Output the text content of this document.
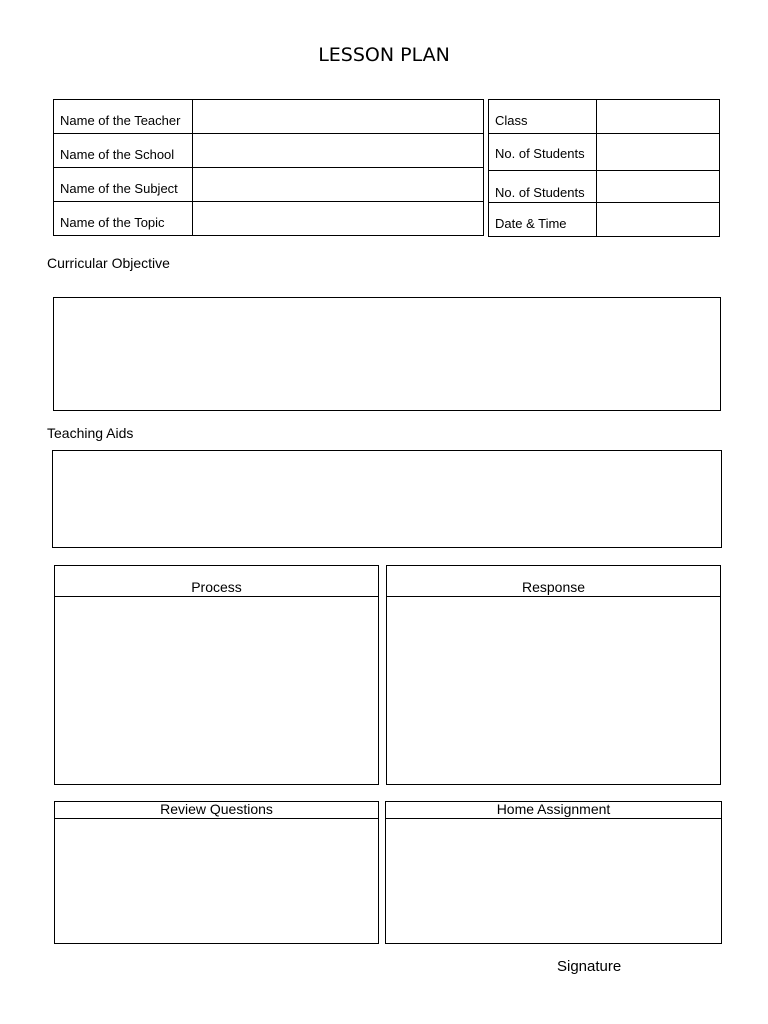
LESSON PLAN
Name of the Teacher	
Name of the School	
Name of the Subject	
Name of the Topic	
Class	
No. of Students	
No. of Students	
Date & Time	
Curricular Objective
Teaching Aids
Process	Response
Review Questions	Home Assignment
Signature
